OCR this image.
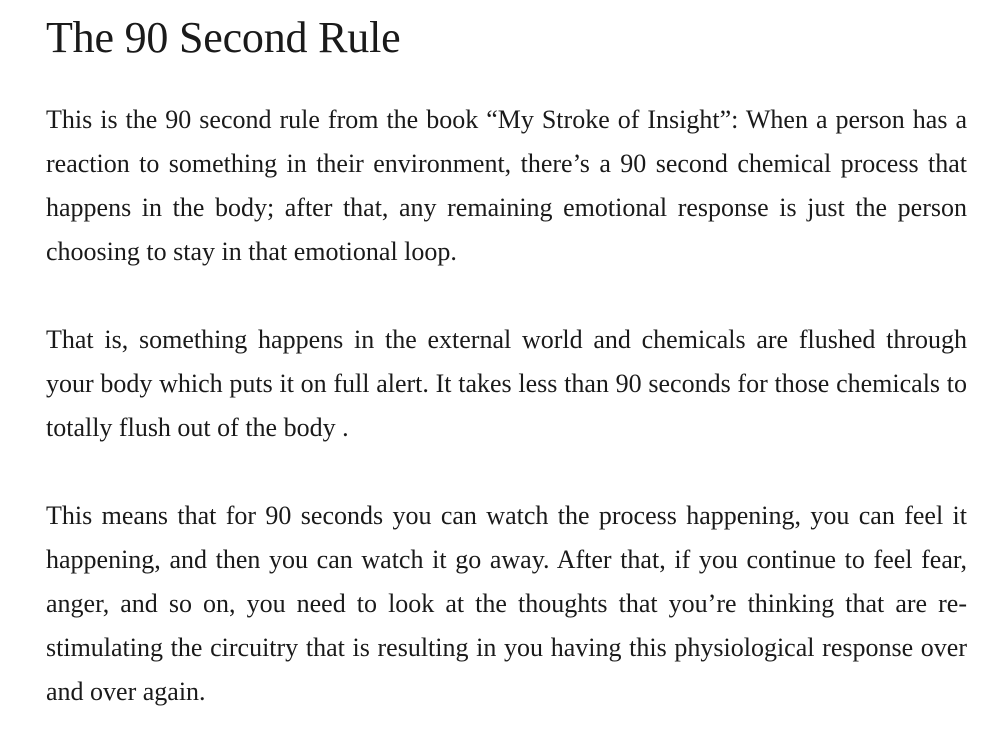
The 90 Second Rule

This is the 90 second rule from the book “My Stroke of Insight”: When a person has a reaction to something in their environment, there’s a 90 second chemical process that happens in the body; after that, any remaining emotional response is just the person choosing to stay in that emotional loop.

That is, something happens in the external world and chemicals are flushed through your body which puts it on full alert. It takes less than 90 seconds for those chemicals to totally flush out of the body .

This means that for 90 seconds you can watch the process happening, you can feel it happening, and then you can watch it go away. After that, if you continue to feel fear, anger, and so on, you need to look at the thoughts that you’re thinking that are re-stimulating the circuitry that is resulting in you having this physiological response over and over again.
